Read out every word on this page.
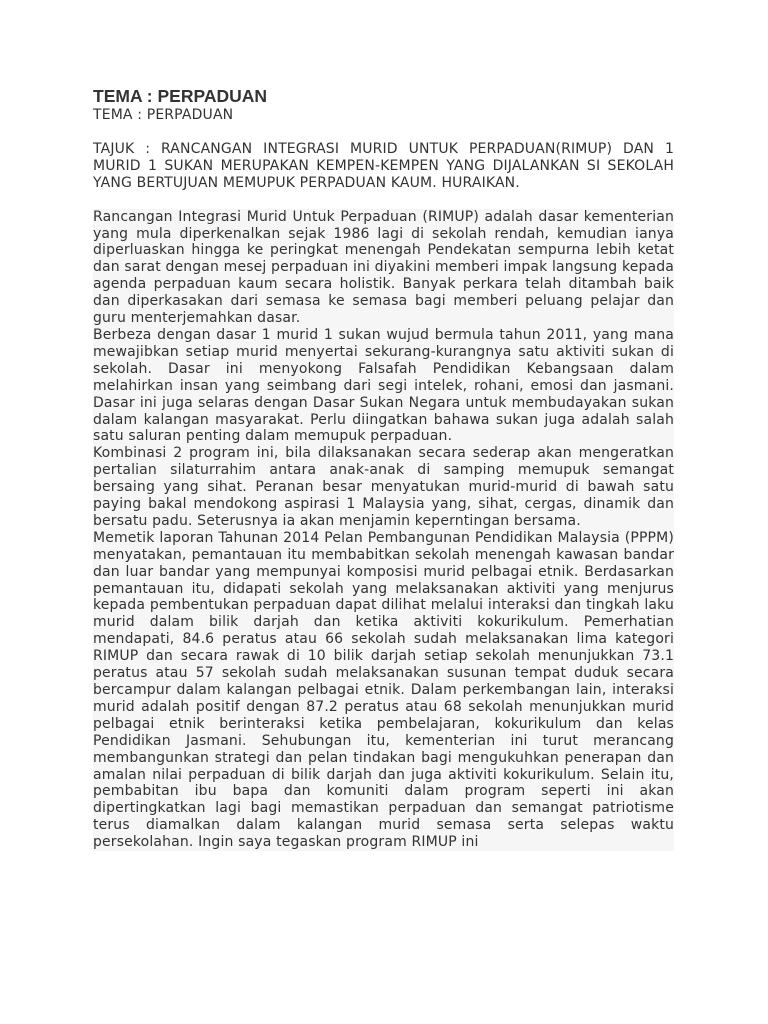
TEMA : PERPADUAN

TEMA : PERPADUAN

TAJUK : RANCANGAN INTEGRASI MURID UNTUK PERPADUAN(RIMUP) DAN 1 MURID 1 SUKAN MERUPAKAN KEMPEN-KEMPEN YANG DIJALANKAN SI SEKOLAH YANG BERTUJUAN MEMUPUK PERPADUAN KAUM. HURAIKAN.

Rancangan Integrasi Murid Untuk Perpaduan (RIMUP) adalah dasar kementerian yang mula diperkenalkan sejak 1986 lagi di sekolah rendah, kemudian ianya diperluaskan hingga ke peringkat menengah Pendekatan sempurna lebih ketat dan sarat dengan mesej perpaduan ini diyakini memberi impak langsung kepada agenda perpaduan kaum secara holistik. Banyak perkara telah ditambah baik dan diperkasakan dari semasa ke semasa bagi memberi peluang pelajar dan guru menterjemahkan dasar.

Berbeza dengan dasar 1 murid 1 sukan wujud bermula tahun 2011, yang mana mewajibkan setiap murid menyertai sekurang-kurangnya satu aktiviti sukan di sekolah. Dasar ini menyokong Falsafah Pendidikan Kebangsaan dalam melahirkan insan yang seimbang dari segi intelek, rohani, emosi dan jasmani. Dasar ini juga selaras dengan Dasar Sukan Negara untuk membudayakan sukan dalam kalangan masyarakat. Perlu diingatkan bahawa sukan juga adalah salah satu saluran penting dalam memupuk perpaduan.

Kombinasi 2 program ini, bila dilaksanakan secara sederap akan mengeratkan pertalian silaturrahim antara anak-anak di samping memupuk semangat bersaing yang sihat. Peranan besar menyatukan murid-murid di bawah satu paying bakal mendokong aspirasi 1 Malaysia yang, sihat, cergas, dinamik dan bersatu padu. Seterusnya ia akan menjamin keperntingan bersama.

Memetik laporan Tahunan 2014 Pelan Pembangunan Pendidikan Malaysia (PPPM) menyatakan, pemantauan itu membabitkan sekolah menengah kawasan bandar dan luar bandar yang mempunyai komposisi murid pelbagai etnik. Berdasarkan pemantauan itu, didapati sekolah yang melaksanakan aktiviti yang menjurus kepada pembentukan perpaduan dapat dilihat melalui interaksi dan tingkah laku murid dalam bilik darjah dan ketika aktiviti kokurikulum. Pemerhatian mendapati, 84.6 peratus atau 66 sekolah sudah melaksanakan lima kategori RIMUP dan secara rawak di 10 bilik darjah setiap sekolah menunjukkan 73.1 peratus atau 57 sekolah sudah melaksanakan susunan tempat duduk secara bercampur dalam kalangan pelbagai etnik. Dalam perkembangan lain, interaksi murid adalah positif dengan 87.2 peratus atau 68 sekolah menunjukkan murid pelbagai etnik berinteraksi ketika pembelajaran, kokurikulum dan kelas Pendidikan Jasmani. Sehubungan itu, kementerian ini turut merancang membangunkan strategi dan pelan tindakan bagi mengukuhkan penerapan dan amalan nilai perpaduan di bilik darjah dan juga aktiviti kokurikulum. Selain itu, pembabitan ibu bapa dan komuniti dalam program seperti ini akan dipertingkatkan lagi bagi memastikan perpaduan dan semangat patriotisme terus diamalkan dalam kalangan murid semasa serta selepas waktu persekolahan. Ingin saya tegaskan program RIMUP ini
